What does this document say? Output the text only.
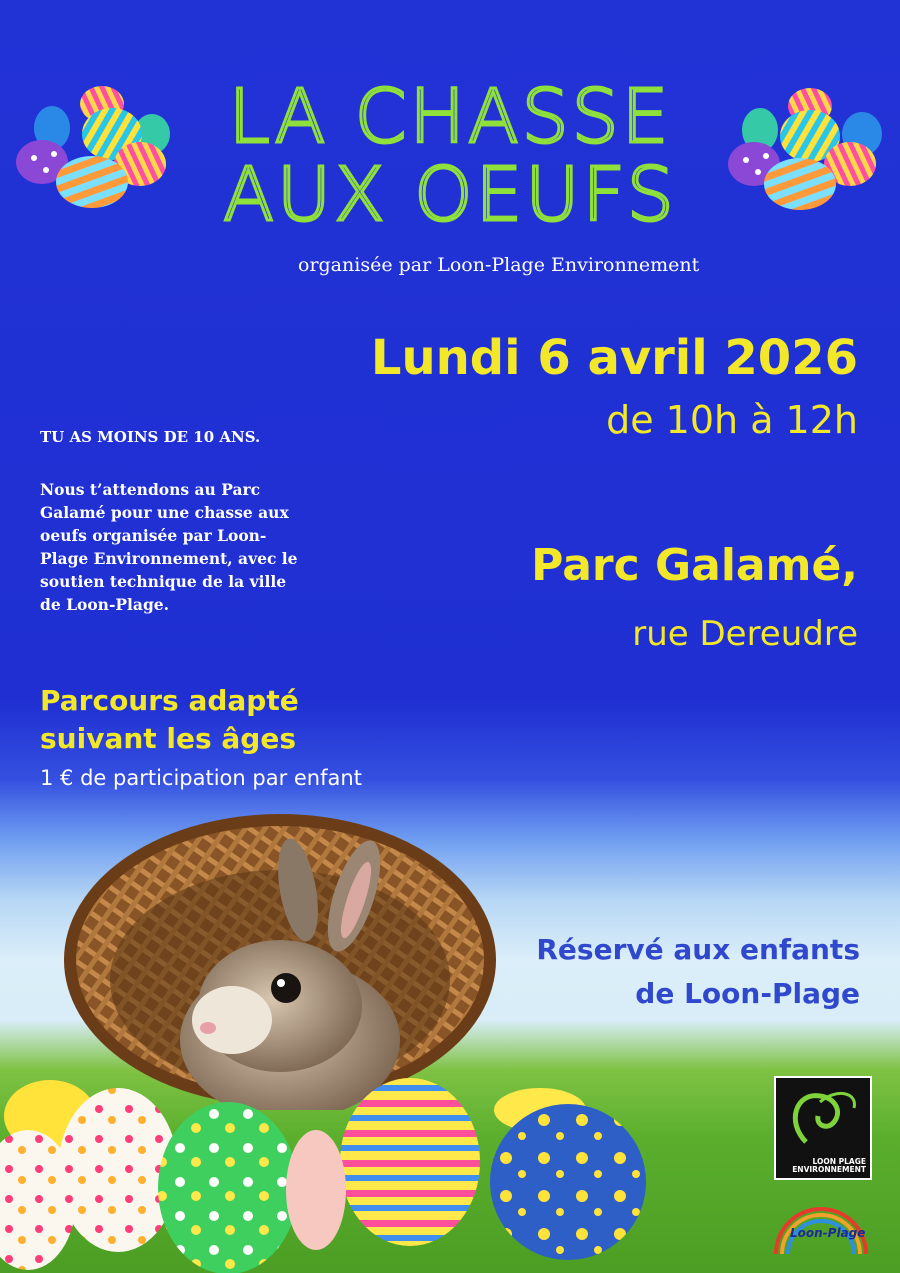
LA CHASSE
AUX OEUFS
organisée par Loon-Plage Environnement
Lundi 6 avril 2026
de 10h à 12h
TU AS MOINS DE 10 ANS.
Nous t’attendons au Parc Galamé pour une chasse aux oeufs organisée par Loon-Plage Environnement, avec le soutien technique de la ville de Loon-Plage.
Parc Galamé,
rue Dereudre
Parcours adapté
suivant les âges
1 € de participation par enfant
Réservé aux enfants
de Loon-Plage
LOON PLAGE
ENVIRONNEMENT
Loon-Plage
